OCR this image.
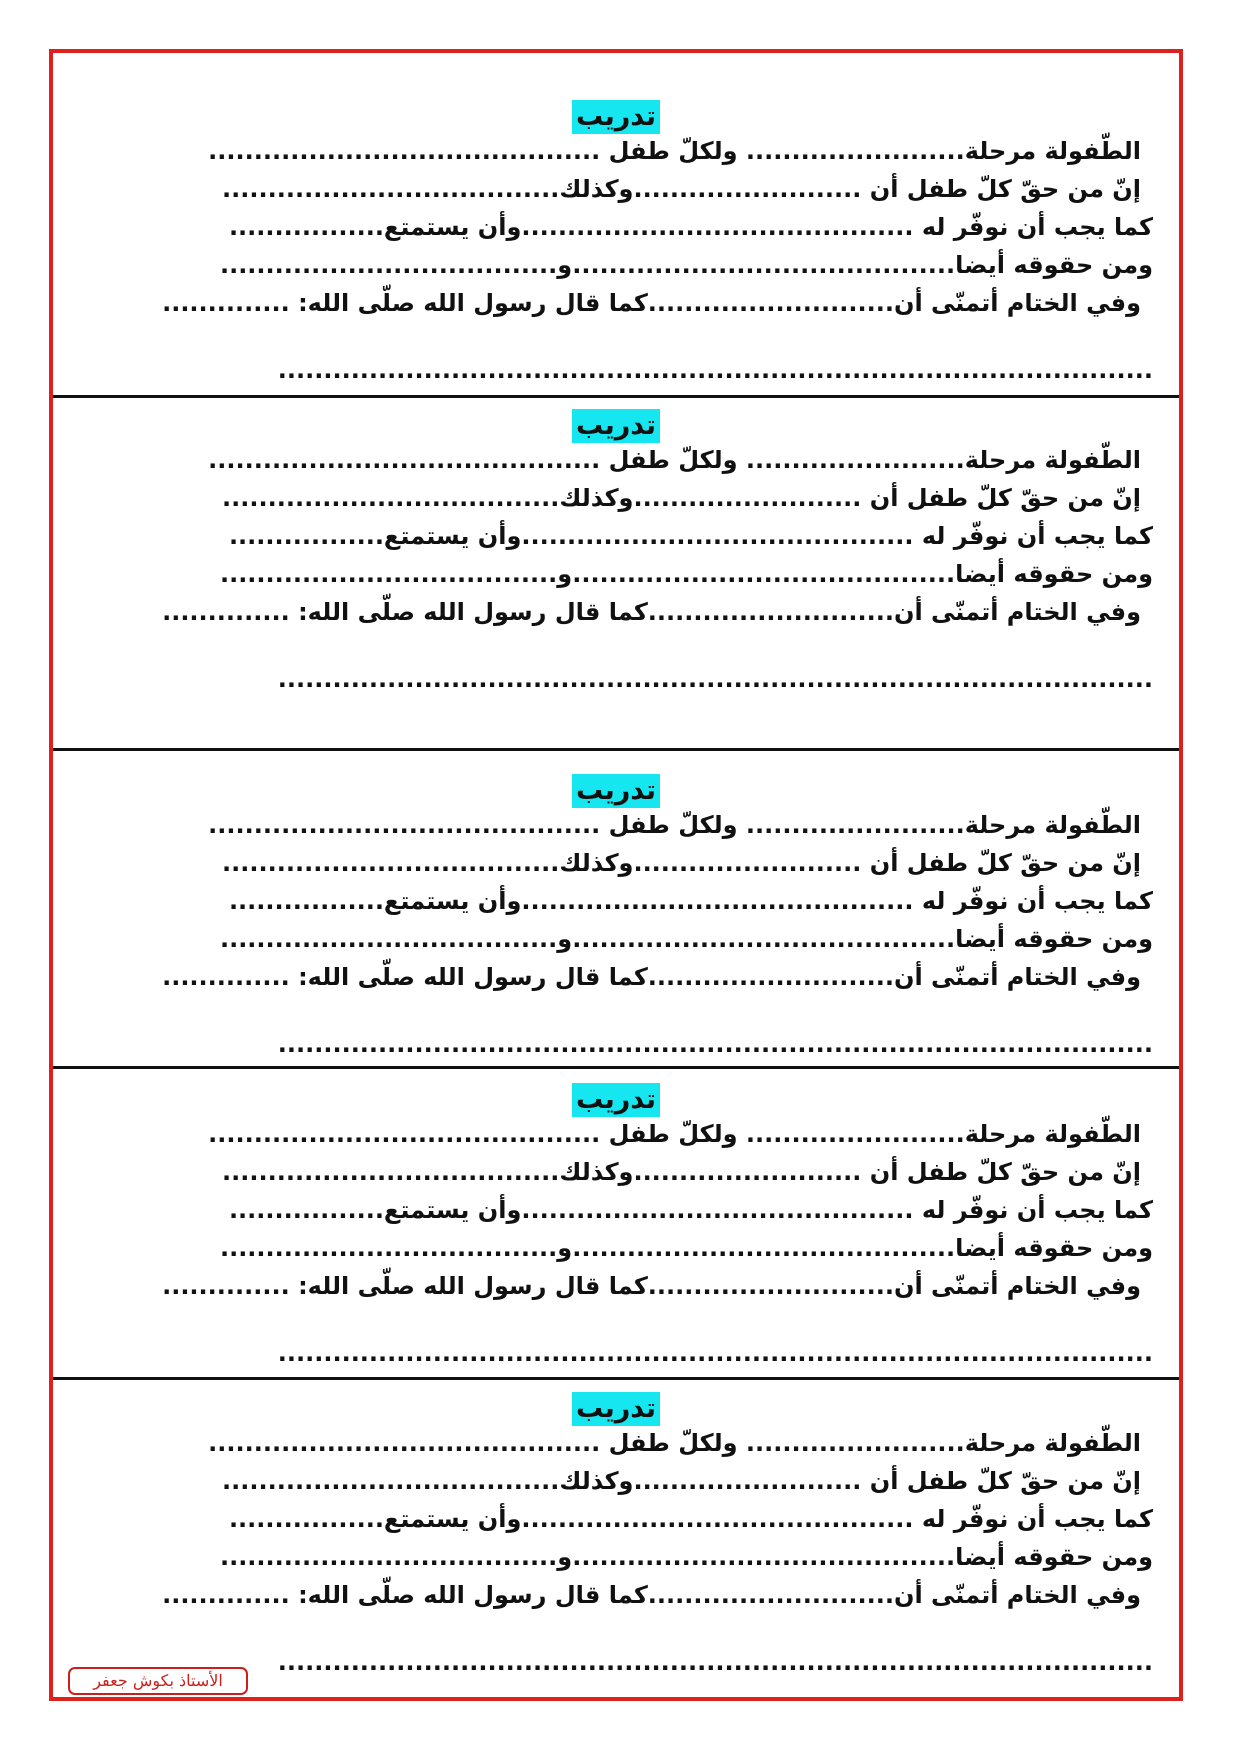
تدريب
الطّفولة مرحلة........................ ولكلّ طفل ...........................................
إنّ من حقّ كلّ طفل أن .........................وكذلك.....................................
كما يجب أن نوفّر له ...........................................وأن يستمتع.................
ومن حقوقه أيضا..........................................و.....................................
وفي الختام أتمنّى أن...........................كما قال رسول الله صلّى الله: ..............
................................................................................................
تدريب
الطّفولة مرحلة........................ ولكلّ طفل ...........................................
إنّ من حقّ كلّ طفل أن .........................وكذلك.....................................
كما يجب أن نوفّر له ...........................................وأن يستمتع.................
ومن حقوقه أيضا..........................................و.....................................
وفي الختام أتمنّى أن...........................كما قال رسول الله صلّى الله: ..............
................................................................................................
تدريب
الطّفولة مرحلة........................ ولكلّ طفل ...........................................
إنّ من حقّ كلّ طفل أن .........................وكذلك.....................................
كما يجب أن نوفّر له ...........................................وأن يستمتع.................
ومن حقوقه أيضا..........................................و.....................................
وفي الختام أتمنّى أن...........................كما قال رسول الله صلّى الله: ..............
................................................................................................
تدريب
الطّفولة مرحلة........................ ولكلّ طفل ...........................................
إنّ من حقّ كلّ طفل أن .........................وكذلك.....................................
كما يجب أن نوفّر له ...........................................وأن يستمتع.................
ومن حقوقه أيضا..........................................و.....................................
وفي الختام أتمنّى أن...........................كما قال رسول الله صلّى الله: ..............
................................................................................................
تدريب
الطّفولة مرحلة........................ ولكلّ طفل ...........................................
إنّ من حقّ كلّ طفل أن .........................وكذلك.....................................
كما يجب أن نوفّر له ...........................................وأن يستمتع.................
ومن حقوقه أيضا..........................................و.....................................
وفي الختام أتمنّى أن...........................كما قال رسول الله صلّى الله: ..............
................................................................................................
الأستاذ بكوش جعفر
